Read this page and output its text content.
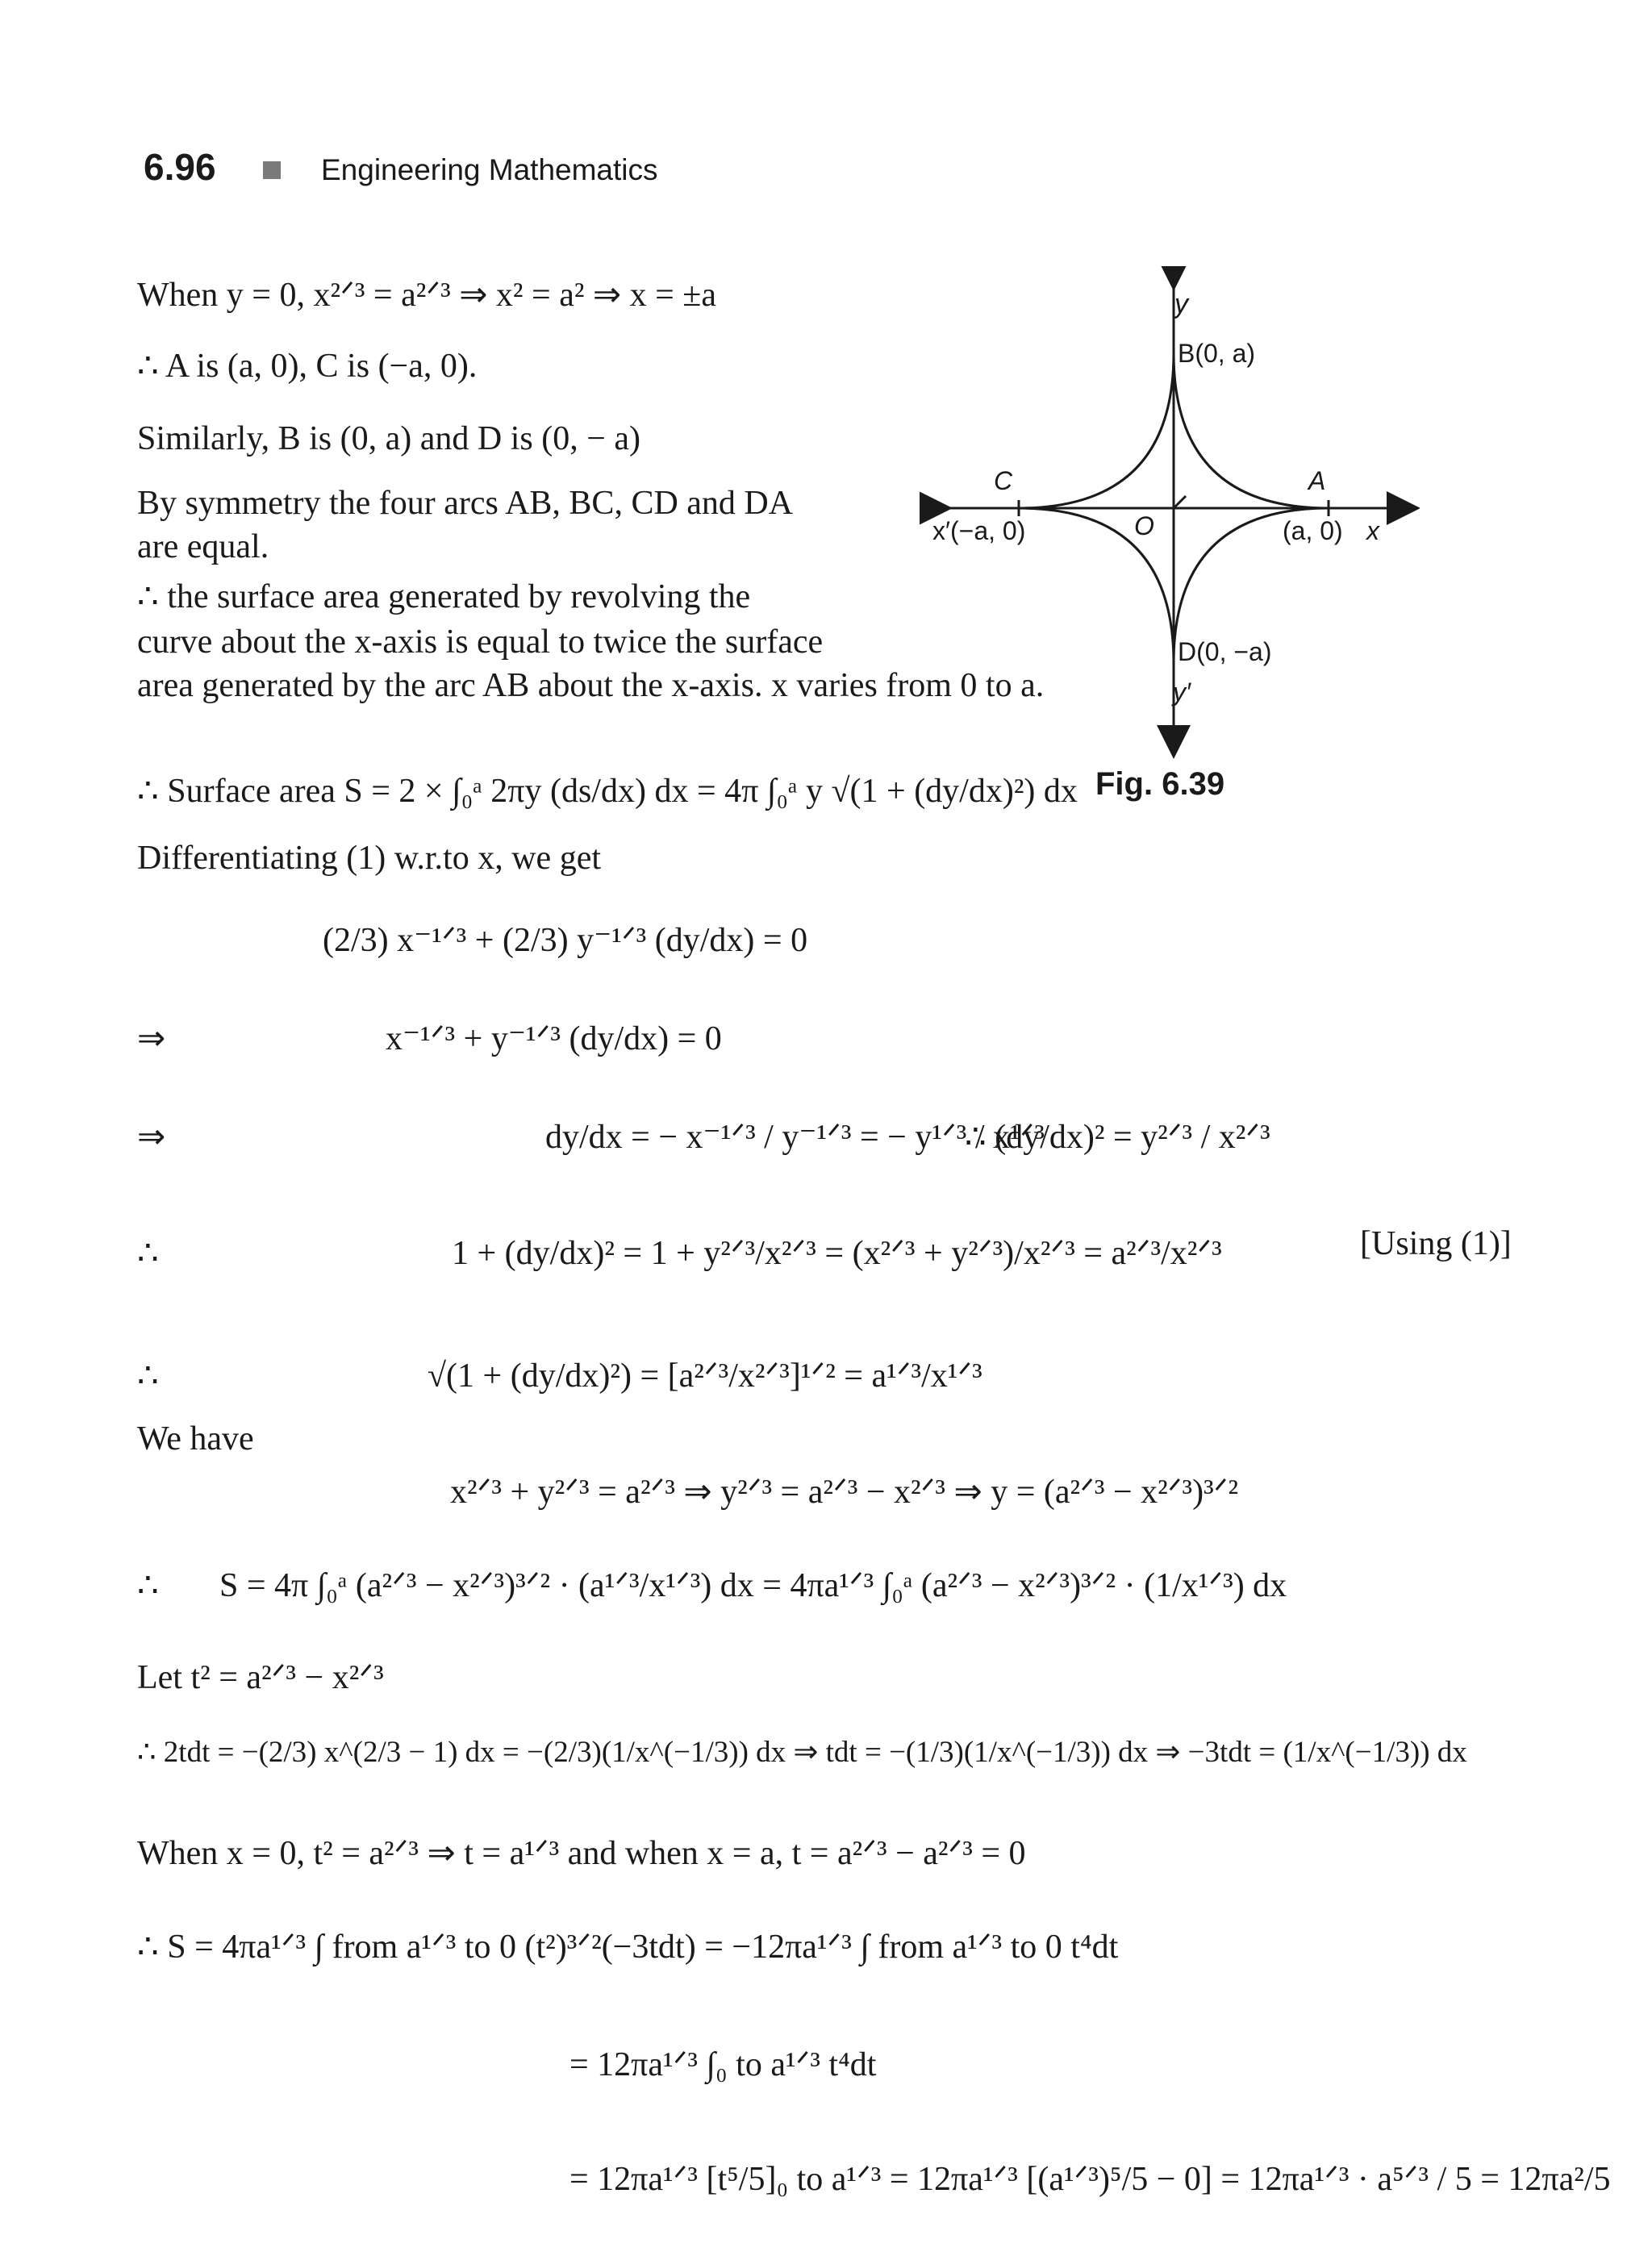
6.96	Engineering Mathematics
y
B(0, a)
C	A
x′(−a, 0)	O	(a, 0) x
D(0, −a)
y′
Fig. 6.39
When y = 0, x²ᐟ³ = a²ᐟ³ ⇒ x² = a² ⇒ x = ±a
∴ A is (a, 0), C is (−a, 0).
Similarly, B is (0, a) and D is (0, − a)
By symmetry the four arcs AB, BC, CD and DA
are equal.
∴ the surface area generated by revolving the
curve about the x-axis is equal to twice the surface
area generated by the arc AB about the x-axis. x varies from 0 to a.
∴ Surface area S = 2 × ∫₀ᵃ 2πy (ds/dx) dx = 4π ∫₀ᵃ y √(1 + (dy/dx)²) dx
Differentiating (1) w.r.to x, we get
(2/3) x⁻¹ᐟ³ + (2/3) y⁻¹ᐟ³ (dy/dx) = 0
⇒	x⁻¹ᐟ³ + y⁻¹ᐟ³ (dy/dx) = 0
⇒	dy/dx = − x⁻¹ᐟ³ / y⁻¹ᐟ³ = − y¹ᐟ³ / x¹ᐟ³
∴ (dy/dx)² = y²ᐟ³ / x²ᐟ³
∴	1 + (dy/dx)² = 1 + y²ᐟ³/x²ᐟ³ = (x²ᐟ³ + y²ᐟ³)/x²ᐟ³ = a²ᐟ³/x²ᐟ³	[Using (1)]
∴	√(1 + (dy/dx)²) = [a²ᐟ³/x²ᐟ³]¹ᐟ² = a¹ᐟ³/x¹ᐟ³
We have
x²ᐟ³ + y²ᐟ³ = a²ᐟ³ ⇒ y²ᐟ³ = a²ᐟ³ − x²ᐟ³ ⇒ y = (a²ᐟ³ − x²ᐟ³)³ᐟ²
∴ S = 4π ∫₀ᵃ (a²ᐟ³ − x²ᐟ³)³ᐟ² · (a¹ᐟ³/x¹ᐟ³) dx = 4πa¹ᐟ³ ∫₀ᵃ (a²ᐟ³ − x²ᐟ³)³ᐟ² · (1/x¹ᐟ³) dx
Let t² = a²ᐟ³ − x²ᐟ³
∴ 2tdt = −(2/3) x^(2/3 − 1) dx = −(2/3)(1/x^(−1/3)) dx ⇒ tdt = −(1/3)(1/x^(−1/3)) dx ⇒ −3tdt = (1/x^(−1/3)) dx
When x = 0, t² = a²ᐟ³ ⇒ t = a¹ᐟ³ and when x = a, t = a²ᐟ³ − a²ᐟ³ = 0
∴ S = 4πa¹ᐟ³ ∫ from a¹ᐟ³ to 0 (t²)³ᐟ²(−3tdt) = −12πa¹ᐟ³ ∫ from a¹ᐟ³ to 0 t⁴dt
= 12πa¹ᐟ³ ∫₀ to a¹ᐟ³ t⁴dt
= 12πa¹ᐟ³ [t⁵/5]₀ to a¹ᐟ³ = 12πa¹ᐟ³ [(a¹ᐟ³)⁵/5 − 0] = 12πa¹ᐟ³ · a⁵ᐟ³ / 5 = 12πa²/5
